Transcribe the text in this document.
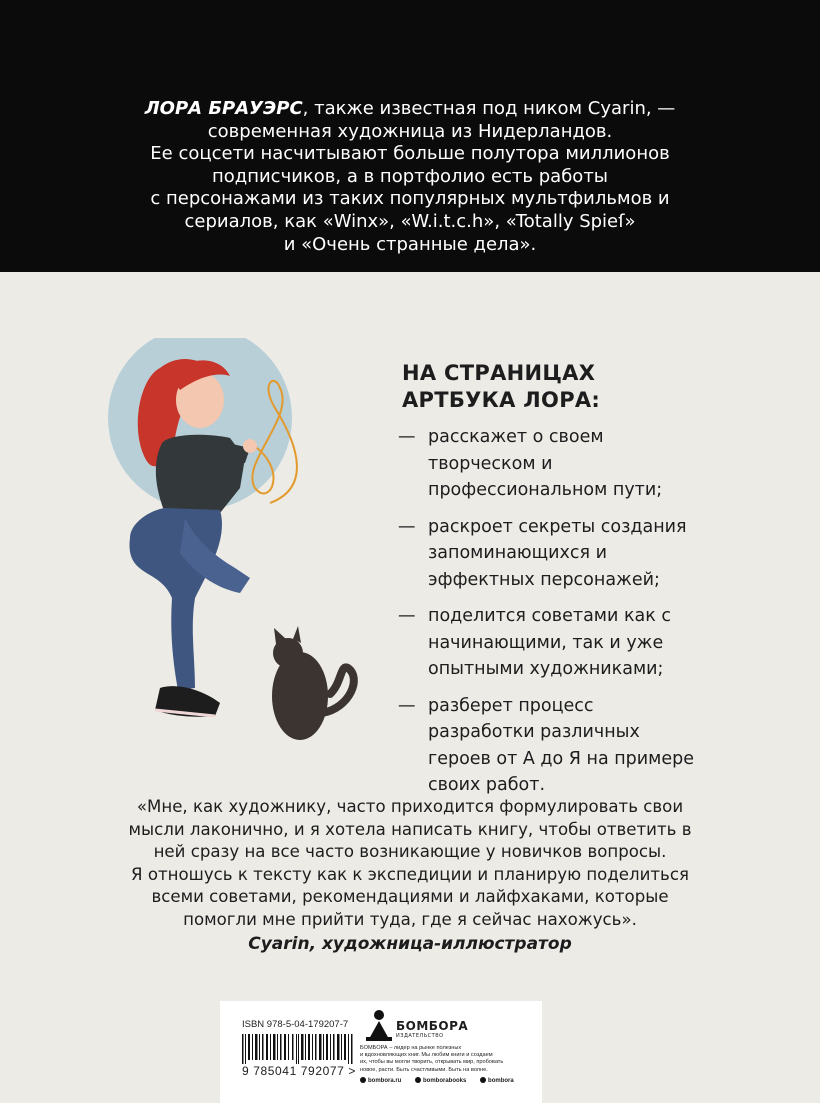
ЛОРА БРАУЭРС, также известная под ником Cyarin, —
современная художница из Нидерландов.
Ее соцсети насчитывают больше полутора миллионов
подписчиков, а в портфолио есть работы
с персонажами из таких популярных мультфильмов и
сериалов, как «Winx», «W.i.t.c.h», «Totally Spieſ»
и «Очень странные дела».
НА СТРАНИЦАХ
АРТБУКА ЛОРА:
— расскажет о своем
творческом и
профессиональном пути;
— раскроет секреты создания
запоминающихся и
эффектных персонажей;
— поделится советами как с
начинающими, так и уже
опытными художниками;
— разберет процесс
разработки различных
героев от А до Я на примере
своих работ.
«Мне, как художнику, часто приходится формулировать свои
мысли лаконично, и я хотела написать книгу, чтобы ответить в
ней сразу на все часто возникающие у новичков вопросы.
Я отношусь к тексту как к экспедиции и планирую поделиться
всеми советами, рекомендациями и лайфхаками, которые
помогли мне прийти туда, где я сейчас нахожусь».
Cyarin, художница-иллюстратор
ISBN 978-5-04-179207-7
9 785041 792077 >
БОМБОРА
ИЗДАТЕЛЬСТВО
БОМБОРА – лидер на рынке полезных
и вдохновляющих книг. Мы любим книги и создаем
их, чтобы вы могли творить, открывать мир, пробовать
новое, расти. Быть счастливыми. Быть на волне.
bombora.ru	bomborabooks	bombora
